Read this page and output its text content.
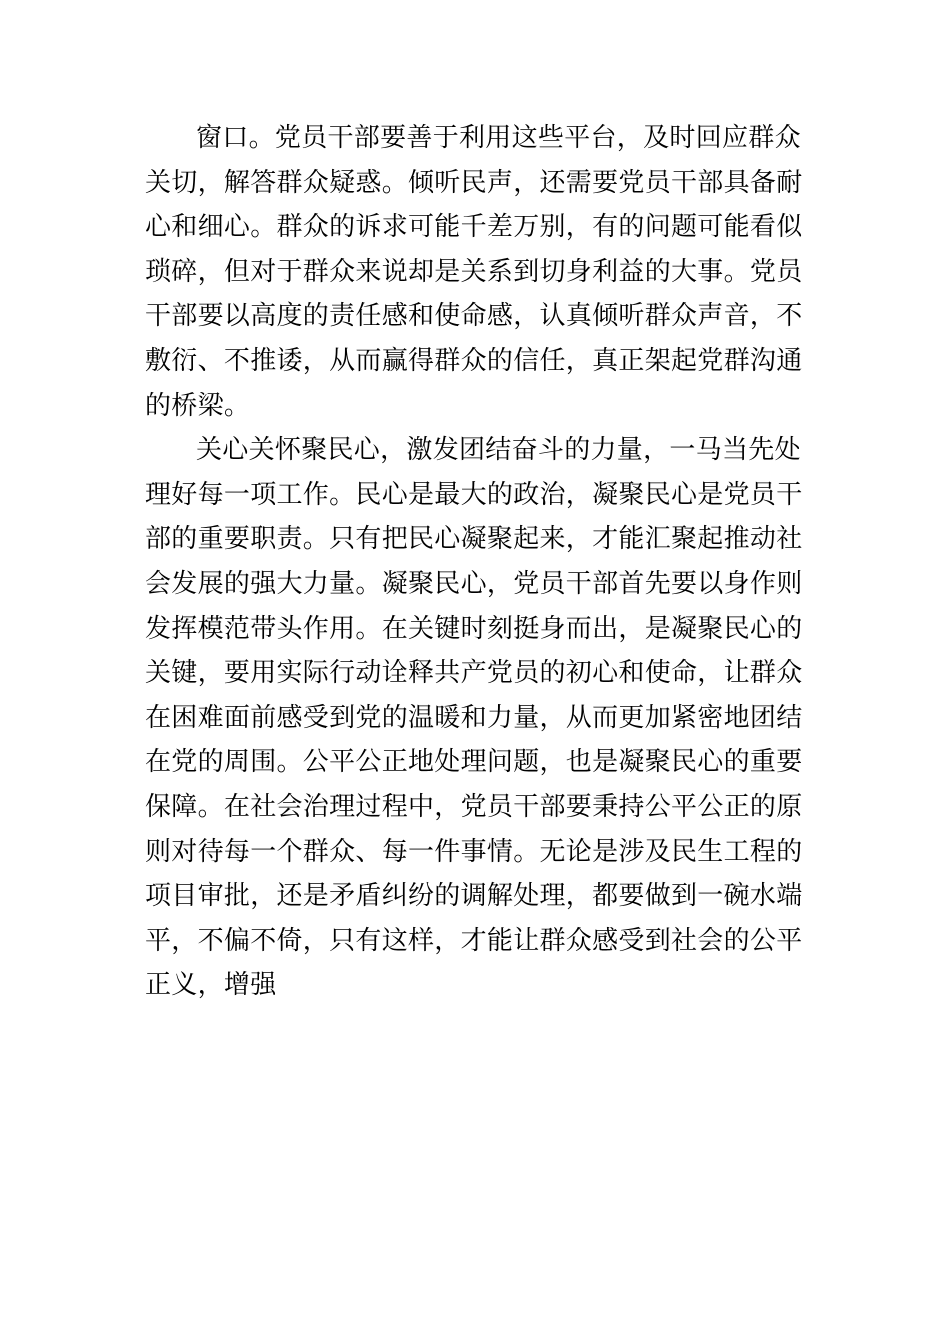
窗口。党员干部要善于利用这些平台，及时回应群众
关切，解答群众疑惑。倾听民声，还需要党员干部具备耐
心和细心。群众的诉求可能千差万别，有的问题可能看似
琐碎，但对于群众来说却是关系到切身利益的大事。党员
干部要以高度的责任感和使命感，认真倾听群众声音，不
敷衍、不推诿，从而赢得群众的信任，真正架起党群沟通
的桥梁。
关心关怀聚民心，激发团结奋斗的力量，一马当先处
理好每一项工作。民心是最大的政治，凝聚民心是党员干
部的重要职责。只有把民心凝聚起来，才能汇聚起推动社
会发展的强大力量。凝聚民心，党员干部首先要以身作则
发挥模范带头作用。在关键时刻挺身而出，是凝聚民心的
关键，要用实际行动诠释共产党员的初心和使命，让群众
在困难面前感受到党的温暖和力量，从而更加紧密地团结
在党的周围。公平公正地处理问题，也是凝聚民心的重要
保障。在社会治理过程中，党员干部要秉持公平公正的原
则对待每一个群众、每一件事情。无论是涉及民生工程的
项目审批，还是矛盾纠纷的调解处理，都要做到一碗水端
平，不偏不倚，只有这样，才能让群众感受到社会的公平
正义，增强
